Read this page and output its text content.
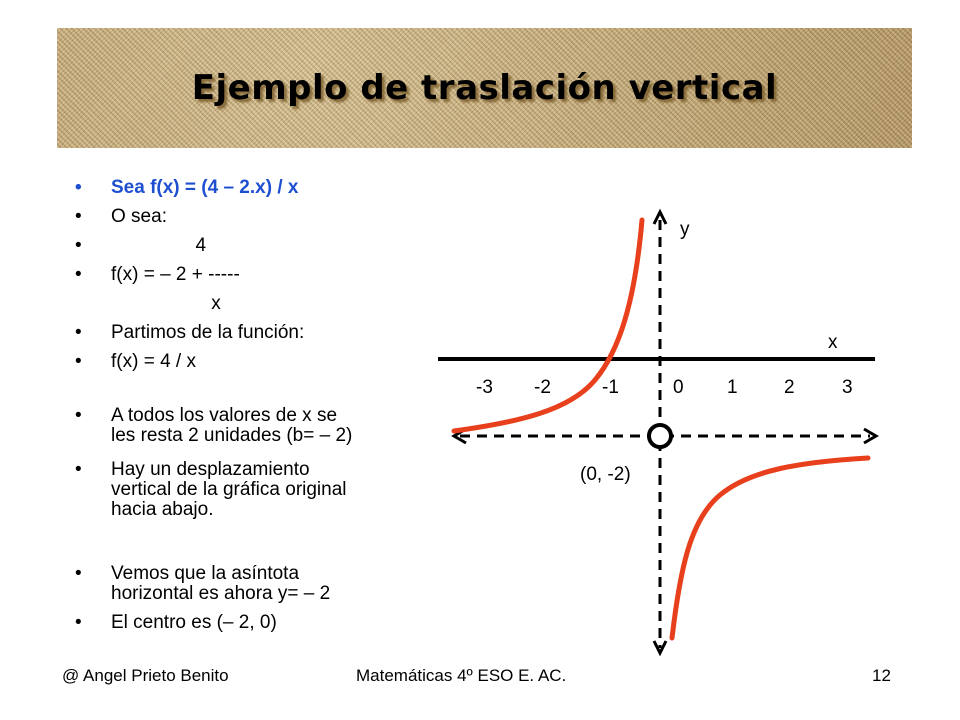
Ejemplo de traslación vertical
• Sea f(x) = (4 – 2.x) / x
• O sea:
• 4
• f(x) = – 2 + -----
x
• Partimos de la función:
• f(x) = 4 / x
• A todos los valores de x se
les resta 2 unidades (b= – 2)
• Hay un desplazamiento
vertical de la gráfica original
hacia abajo.
• Vemos que la asíntota
horizontal es ahora y= – 2
• El centro es (– 2, 0)
y
x
-3 -2	-1	0 1 2 3
(0, -2)
@ Angel Prieto Benito	Matemáticas 4º ESO E. AC.	12
